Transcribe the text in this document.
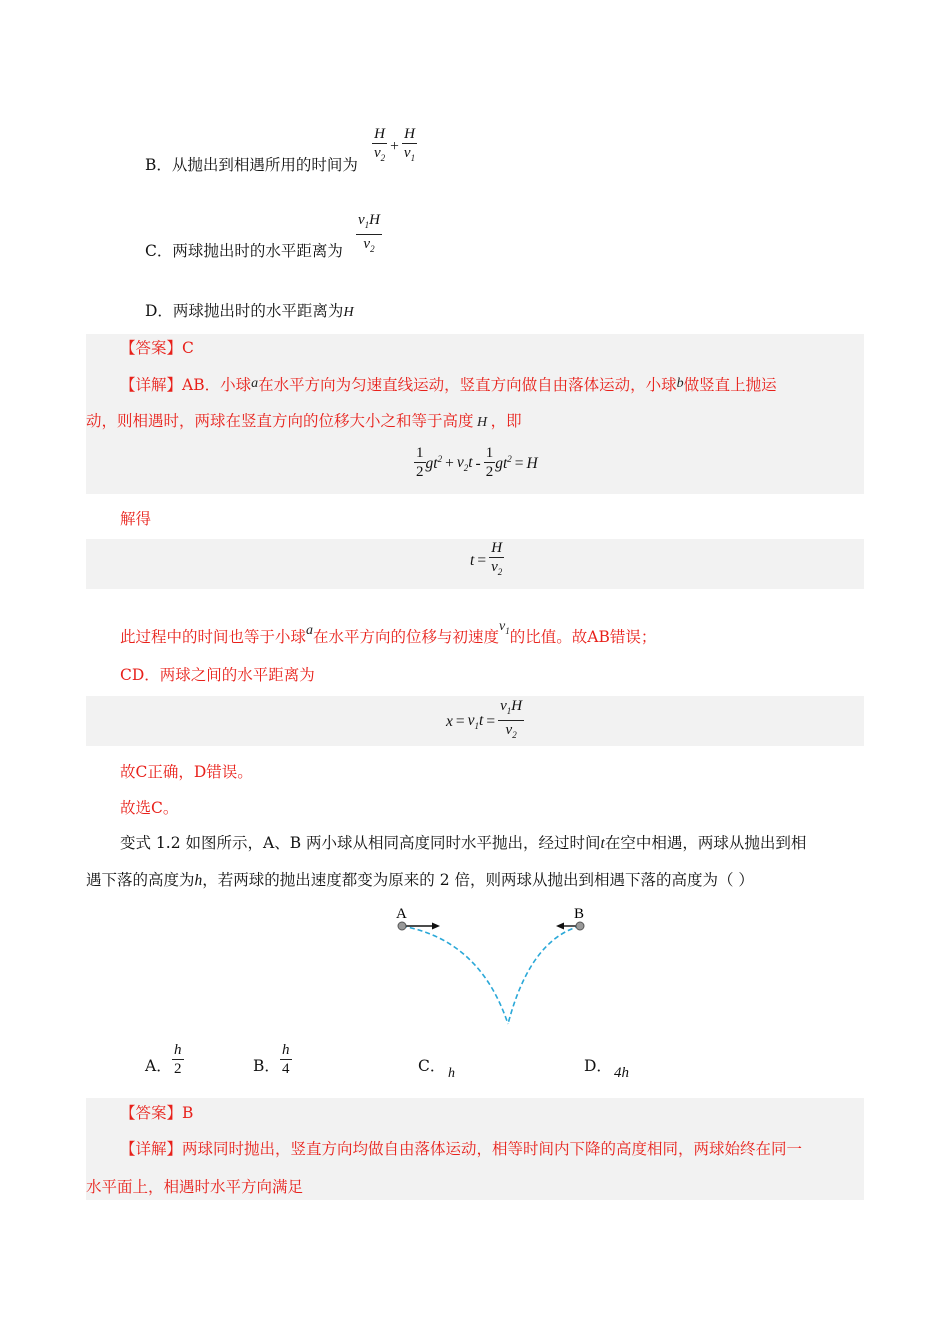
B．从抛出到相遇所用的时间为 $\frac{H}{v_2} + \frac{H}{v_1}$
C．两球抛出时的水平距离为 $\frac{v_1H}{v_2}$
D．两球抛出时的水平距离为H
【答案】C
【详解】AB．小球a在水平方向为匀速直线运动，竖直方向做自由落体运动，小球b做竖直上抛运
动，则相遇时，两球在竖直方向的位移大小之和等于高度 H ，即
$\frac{1}{2} gt^2 + v_2t - \frac{1}{2} gt^2 = H$
解得
$t = \frac{H}{v_2}$
此过程中的时间也等于小球a在水平方向的位移与初速度$v_1$的比值。故AB错误；
CD．两球之间的水平距离为
$x = v_1t = \frac{v_1H}{v_2}$
故C正确，D错误。
故选C。
变式 1.2 如图所示，A、B 两小球从相同高度同时水平抛出，经过时间t在空中相遇，两球从抛出到相
遇下落的高度为h，若两球的抛出速度都变为原来的 2 倍，则两球从抛出到相遇下落的高度为（ ）
A	B
A． $\frac{h}{2}$	B． $\frac{h}{4}$	C． h	D． 4h
【答案】B
【详解】两球同时抛出，竖直方向均做自由落体运动，相等时间内下降的高度相同，两球始终在同一
水平面上，相遇时水平方向满足
